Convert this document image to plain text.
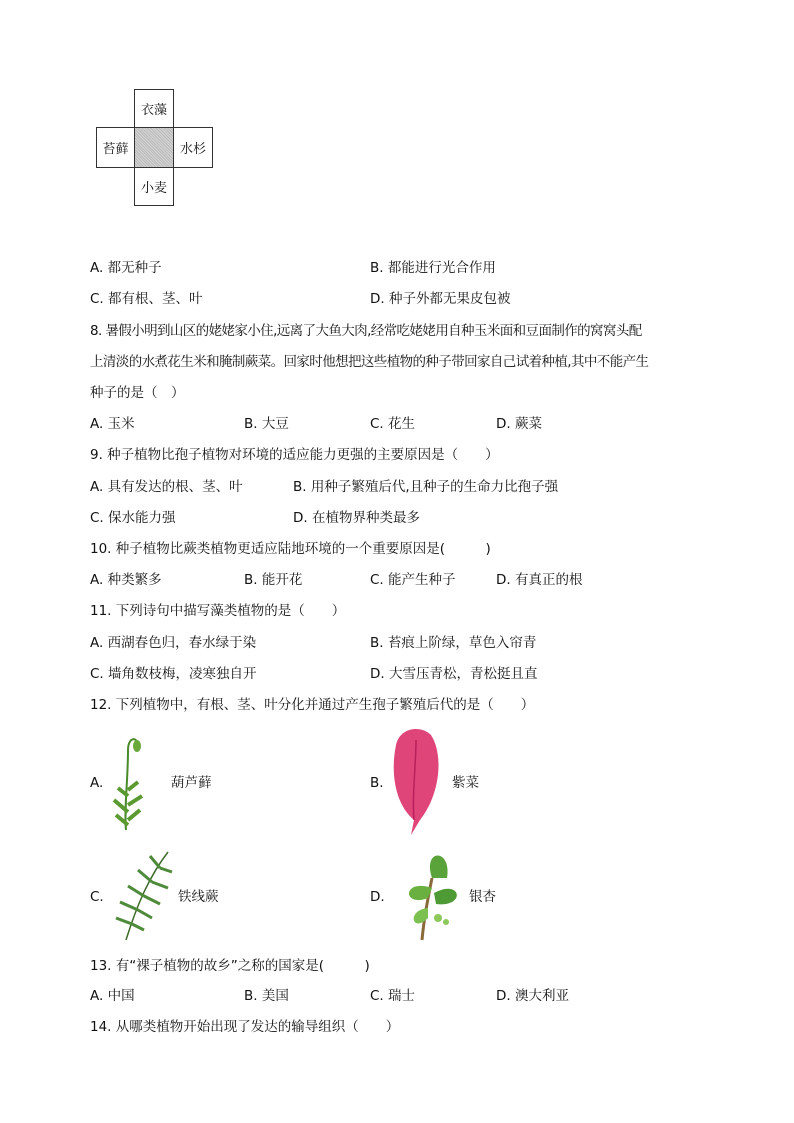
衣藻
苔藓	水杉
小麦
A. 都无种子	B. 都能进行光合作用
C. 都有根、茎、叶	D. 种子外都无果皮包被
8. 暑假小明到山区的姥姥家小住,远离了大鱼大肉,经常吃姥姥用自种玉米面和豆面制作的窝窝头配
上清淡的水煮花生米和腌制蕨菜。回家时他想把这些植物的种子带回家自己试着种植,其中不能产生
种子的是（　）
A. 玉米	B. 大豆	C. 花生	D. 蕨菜
9. 种子植物比孢子植物对环境的适应能力更强的主要原因是（　　）
A. 具有发达的根、茎、叶	B. 用种子繁殖后代,且种子的生命力比孢子强
C. 保水能力强	D. 在植物界种类最多
10. 种子植物比蕨类植物更适应陆地环境的一个重要原因是(　　　)
A. 种类繁多	B. 能开花	C. 能产生种子	D. 有真正的根
11. 下列诗句中描写藻类植物的是（　　）
A. 西湖春色归，春水绿于染	B. 苔痕上阶绿，草色入帘青
C. 墙角数枝梅，凌寒独自开	D. 大雪压青松，青松挺且直
12. 下列植物中，有根、茎、叶分化并通过产生孢子繁殖后代的是（　　）
A.	葫芦藓	B.	紫菜
C.	铁线蕨	D.	银杏
13. 有“裸子植物的故乡”之称的国家是(　　　)
A. 中国	B. 美国	C. 瑞士	D. 澳大利亚
14. 从哪类植物开始出现了发达的输导组织（　　）
